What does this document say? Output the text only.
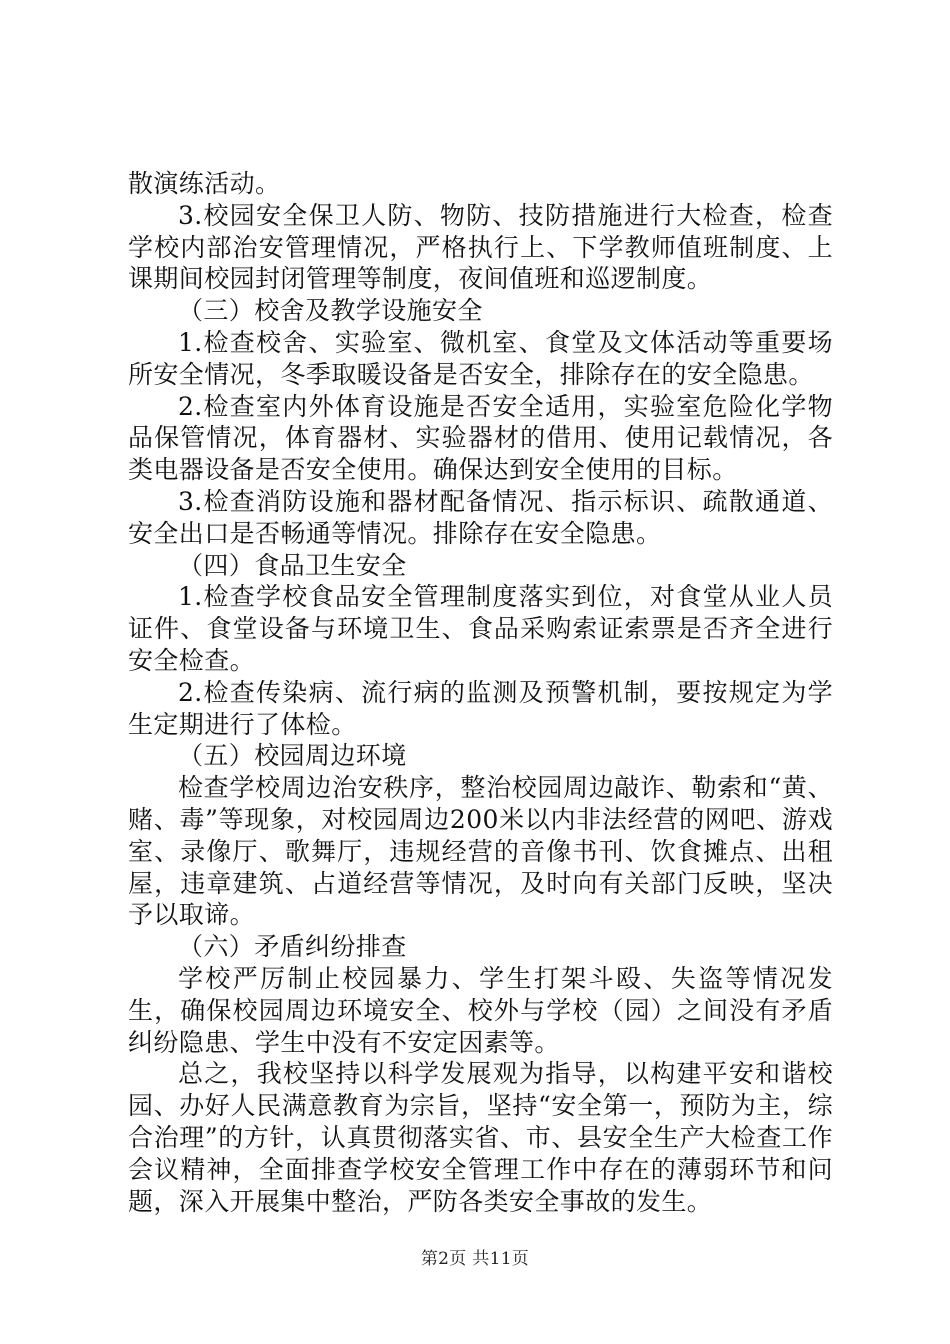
散演练活动。

3.校园安全保卫人防、物防、技防措施进行大检查，检查学校内部治安管理情况，严格执行上、下学教师值班制度、上课期间校园封闭管理等制度，夜间值班和巡逻制度。

（三）校舍及教学设施安全

1.检查校舍、实验室、微机室、食堂及文体活动等重要场所安全情况，冬季取暖设备是否安全，排除存在的安全隐患。

2.检查室内外体育设施是否安全适用，实验室危险化学物品保管情况，体育器材、实验器材的借用、使用记载情况，各类电器设备是否安全使用。确保达到安全使用的目标。

3.检查消防设施和器材配备情况、指示标识、疏散通道、安全出口是否畅通等情况。排除存在安全隐患。

（四）食品卫生安全

1.检查学校食品安全管理制度落实到位，对食堂从业人员证件、食堂设备与环境卫生、食品采购索证索票是否齐全进行安全检查。

2.检查传染病、流行病的监测及预警机制，要按规定为学生定期进行了体检。

（五）校园周边环境

检查学校周边治安秩序，整治校园周边敲诈、勒索和“黄、赌、毒”等现象，对校园周边200米以内非法经营的网吧、游戏室、录像厅、歌舞厅，违规经营的音像书刊、饮食摊点、出租屋，违章建筑、占道经营等情况，及时向有关部门反映，坚决予以取谛。

（六）矛盾纠纷排查

学校严厉制止校园暴力、学生打架斗殴、失盗等情况发生，确保校园周边环境安全、校外与学校（园）之间没有矛盾纠纷隐患、学生中没有不安定因素等。

总之，我校坚持以科学发展观为指导，以构建平安和谐校园、办好人民满意教育为宗旨，坚持“安全第一，预防为主，综合治理”的方针，认真贯彻落实省、市、县安全生产大检查工作会议精神，全面排查学校安全管理工作中存在的薄弱环节和问题，深入开展集中整治，严防各类安全事故的发生。

第2页 共11页
